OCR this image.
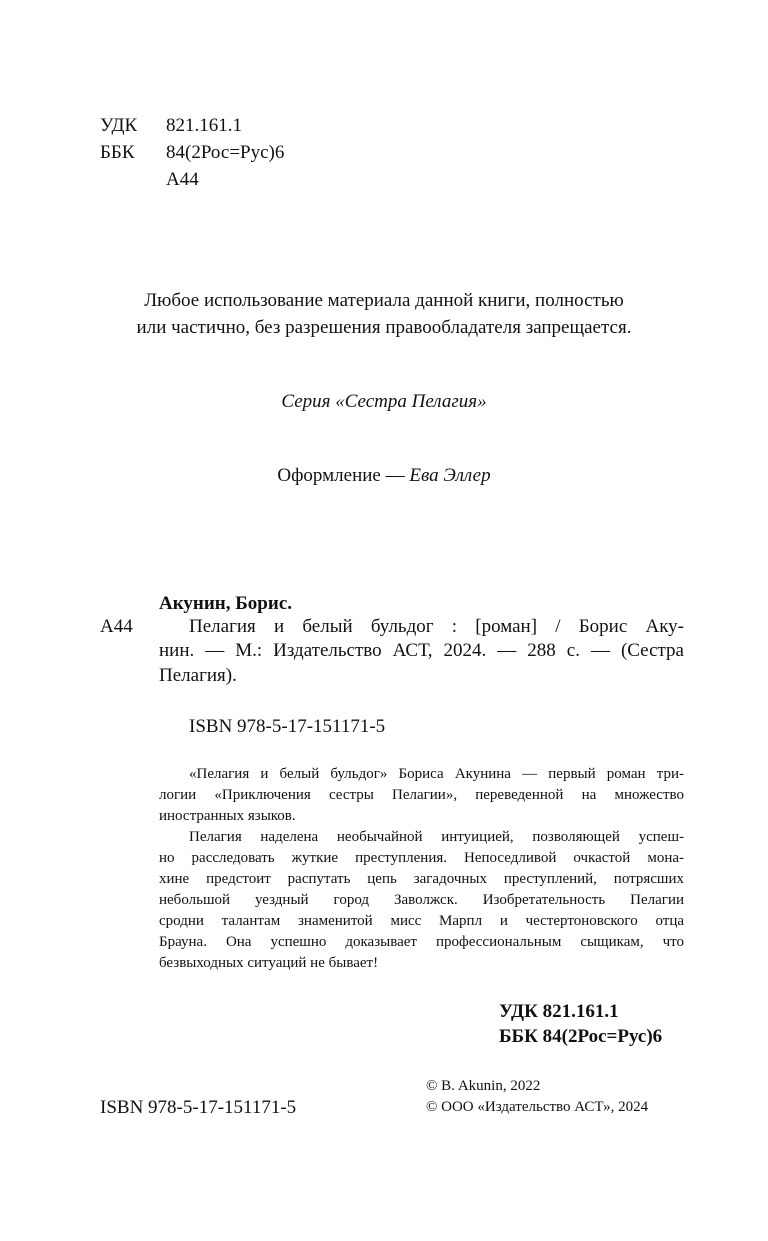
УДК 821.161.1
ББК 84(2Рос=Рус)6
А44
Любое использование материала данной книги, полностью
или частично, без разрешения правообладателя запрещается.
Серия «Сестра Пелагия»
Оформление — Ева Эллер
Акунин, Борис.
А44	Пелагия и белый бульдог : [роман] / Борис Аку-
нин. — М.: Издательство АСТ, 2024. — 288 с. — (Сестра
Пелагия).
ISBN 978-5-17-151171-5
«Пелагия и белый бульдог» Бориса Акунина — первый роман три-
логии «Приключения сестры Пелагии», переведенной на множество
иностранных языков.
Пелагия наделена необычайной интуицией, позволяющей успеш-
но расследовать жуткие преступления. Непоседливой очкастой мона-
хине предстоит распутать цепь загадочных преступлений, потрясших
небольшой уездный город Заволжск. Изобретательность Пелагии
сродни талантам знаменитой мисс Марпл и честертоновского отца
Брауна. Она успешно доказывает профессиональным сыщикам, что
безвыходных ситуаций не бывает!
УДК 821.161.1
ББК 84(2Рос=Рус)6
ISBN 978-5-17-151171-5
© B. Akunin, 2022
© ООО «Издательство АСТ», 2024
